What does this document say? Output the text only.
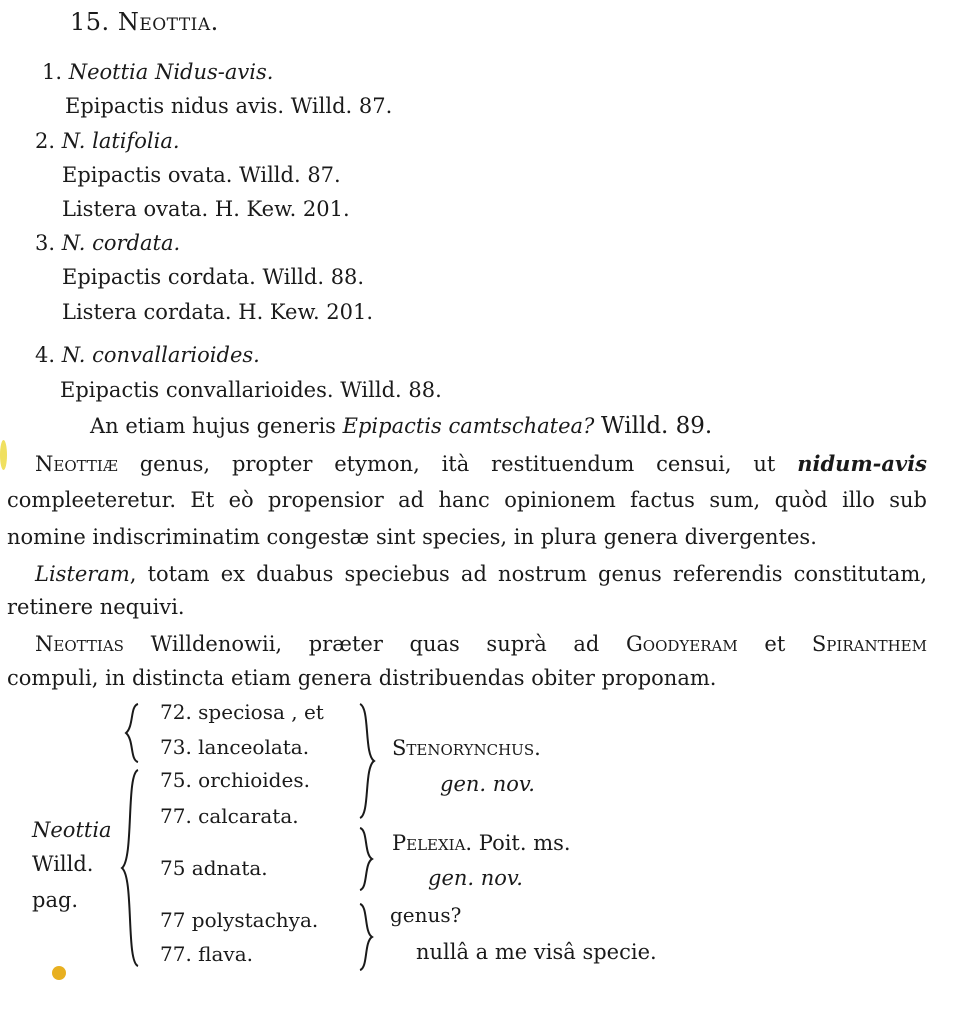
15. Neottia.
1. Neottia Nidus-avis.
Epipactis nidus avis. Willd. 87.
2. N. latifolia.
Epipactis ovata. Willd. 87.
Listera ovata. H. Kew. 201.
3. N. cordata.
Epipactis cordata. Willd. 88.
Listera cordata. H. Kew. 201.
4. N. convallarioides.
Epipactis convallarioides. Willd. 88.
An etiam hujus generis Epipactis camtschatea? Willd. 89.
Neottiæ genus, propter etymon, ità restituendum censui, ut nidum-avis
compleeteretur. Et eò propensior ad hanc opinionem factus sum, quòd illo sub
nomine indiscriminatim congestæ sint species, in plura genera divergentes.
Listeram, totam ex duabus speciebus ad nostrum genus referendis constitutam,
retinere nequivi.
Neottias Willdenowii, præter quas suprà ad Goodyeram et Spiranthem
compuli, in distincta etiam genera distribuendas obiter proponam.
Neottia
Willd.
pag.
72. speciosa , et
73. lanceolata.
75. orchioides.
77. calcarata.
75 adnata.
77 polystachya.
77. flava.
Stenorynchus.
gen. nov.
Pelexia. Poit. ms.
gen. nov.
genus?
nullâ a me visâ specie.
